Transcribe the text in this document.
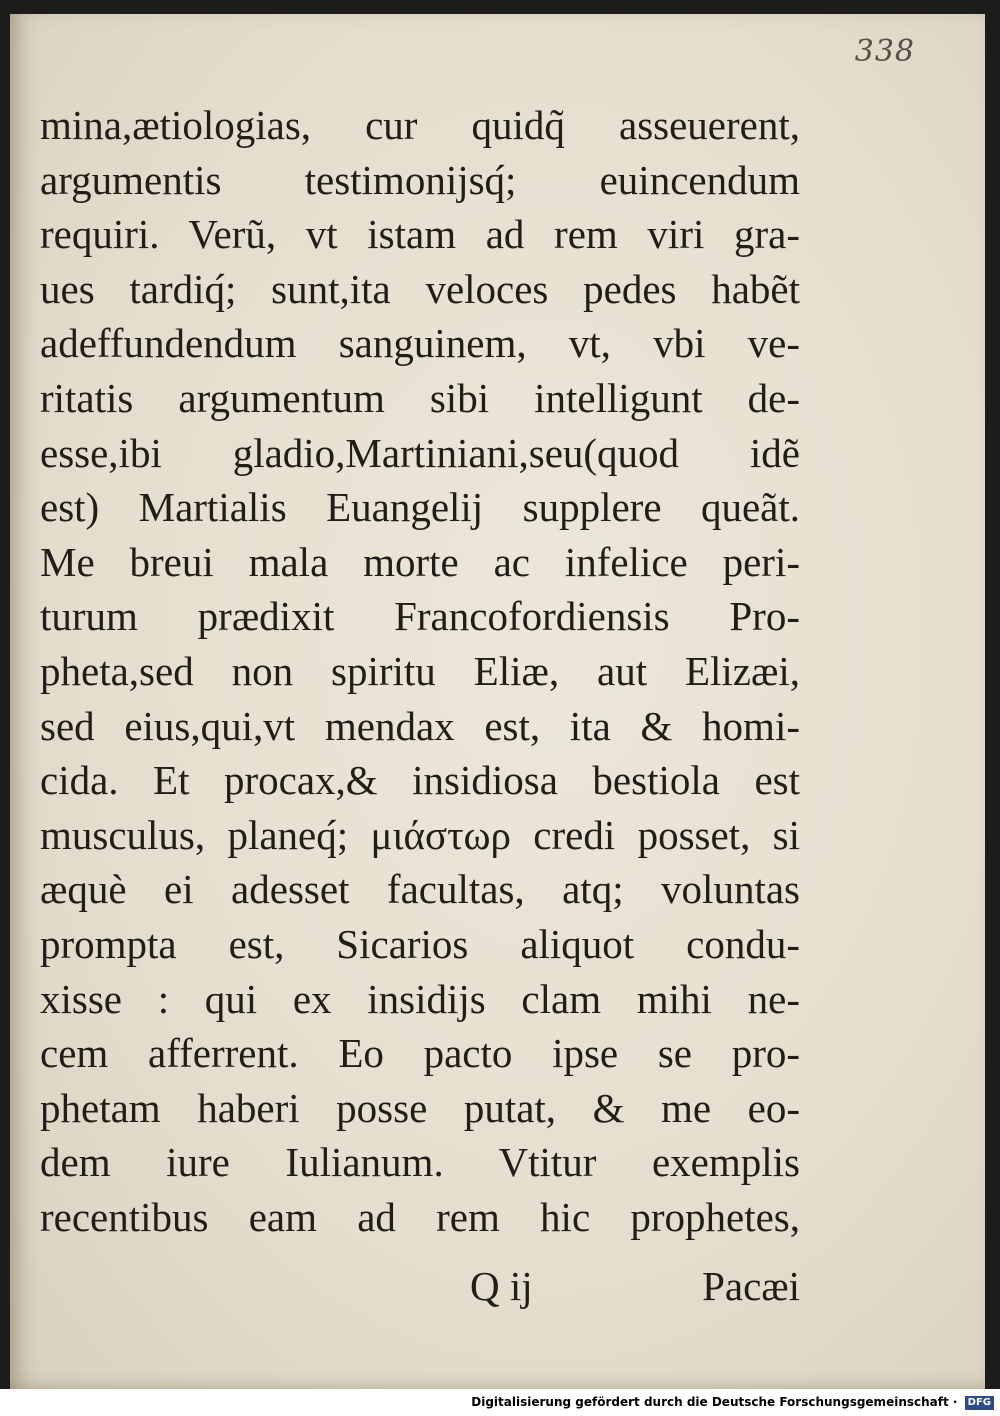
338
mina,ætiologias, cur quidq̃ asseuerent,
argumentis testimonijsq́; euincendum
requiri. Verũ, vt istam ad rem viri gra-
ues tardiq́; sunt,ita veloces pedes habẽt
adeffundendum sanguinem, vt, vbi ve-
ritatis argumentum sibi intelligunt de-
esse,ibi gladio,Martiniani,seu(quod idẽ
est) Martialis Euangelij supplere queãt.
Me breui mala morte ac infelice peri-
turum prædixit Francofordiensis Pro-
pheta,sed non spiritu Eliæ, aut Elizæi,
sed eius,qui,vt mendax est, ita & homi-
cida. Et procax,& insidiosa bestiola est
musculus, planeq́; μιάστωρ credi posset, si
æquè ei adesset facultas, atq; voluntas
prompta est, Sicarios aliquot condu-
xisse : qui ex insidijs clam mihi ne-
cem afferrent. Eo pacto ipse se pro-
phetam haberi posse putat, & me eo-
dem iure Iulianum. Vtitur exemplis
recentibus eam ad rem hic prophetes,
Q ij	Pacæi
Digitalisierung gefördert durch die Deutsche Forschungsgemeinschaft · DFG
